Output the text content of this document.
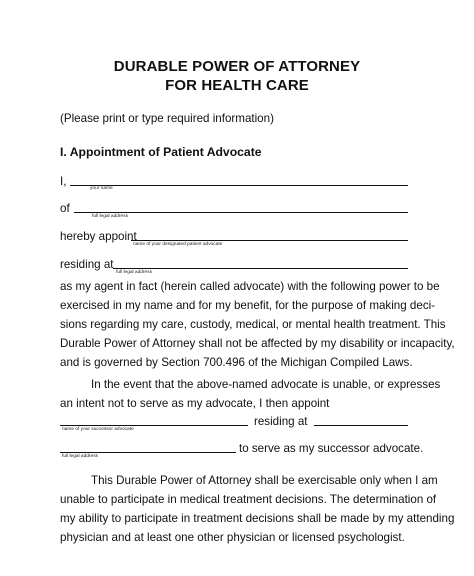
DURABLE POWER OF ATTORNEY
FOR HEALTH CARE
(Please print or type required information)
I. Appointment of Patient Advocate
I,
your name
of
full legal address
hereby appoint
name of your designated patient advocate
residing at
full legal address
as my agent in fact (herein called advocate) with the following power to be
exercised in my name and for my benefit, for the purpose of making deci-
sions regarding my care, custody, medical, or mental health treatment. This
Durable Power of Attorney shall not be affected by my disability or incapacity,
and is governed by Section 700.496 of the Michigan Compiled Laws.
In the event that the above-named advocate is unable, or expresses
an intent not to serve as my advocate, I then appoint
name of your successor advocate
residing at
full legal address
to serve as my successor advocate.
This Durable Power of Attorney shall be exercisable only when I am
unable to participate in medical treatment decisions. The determination of
my ability to participate in treatment decisions shall be made by my attending
physician and at least one other physician or licensed psychologist.
